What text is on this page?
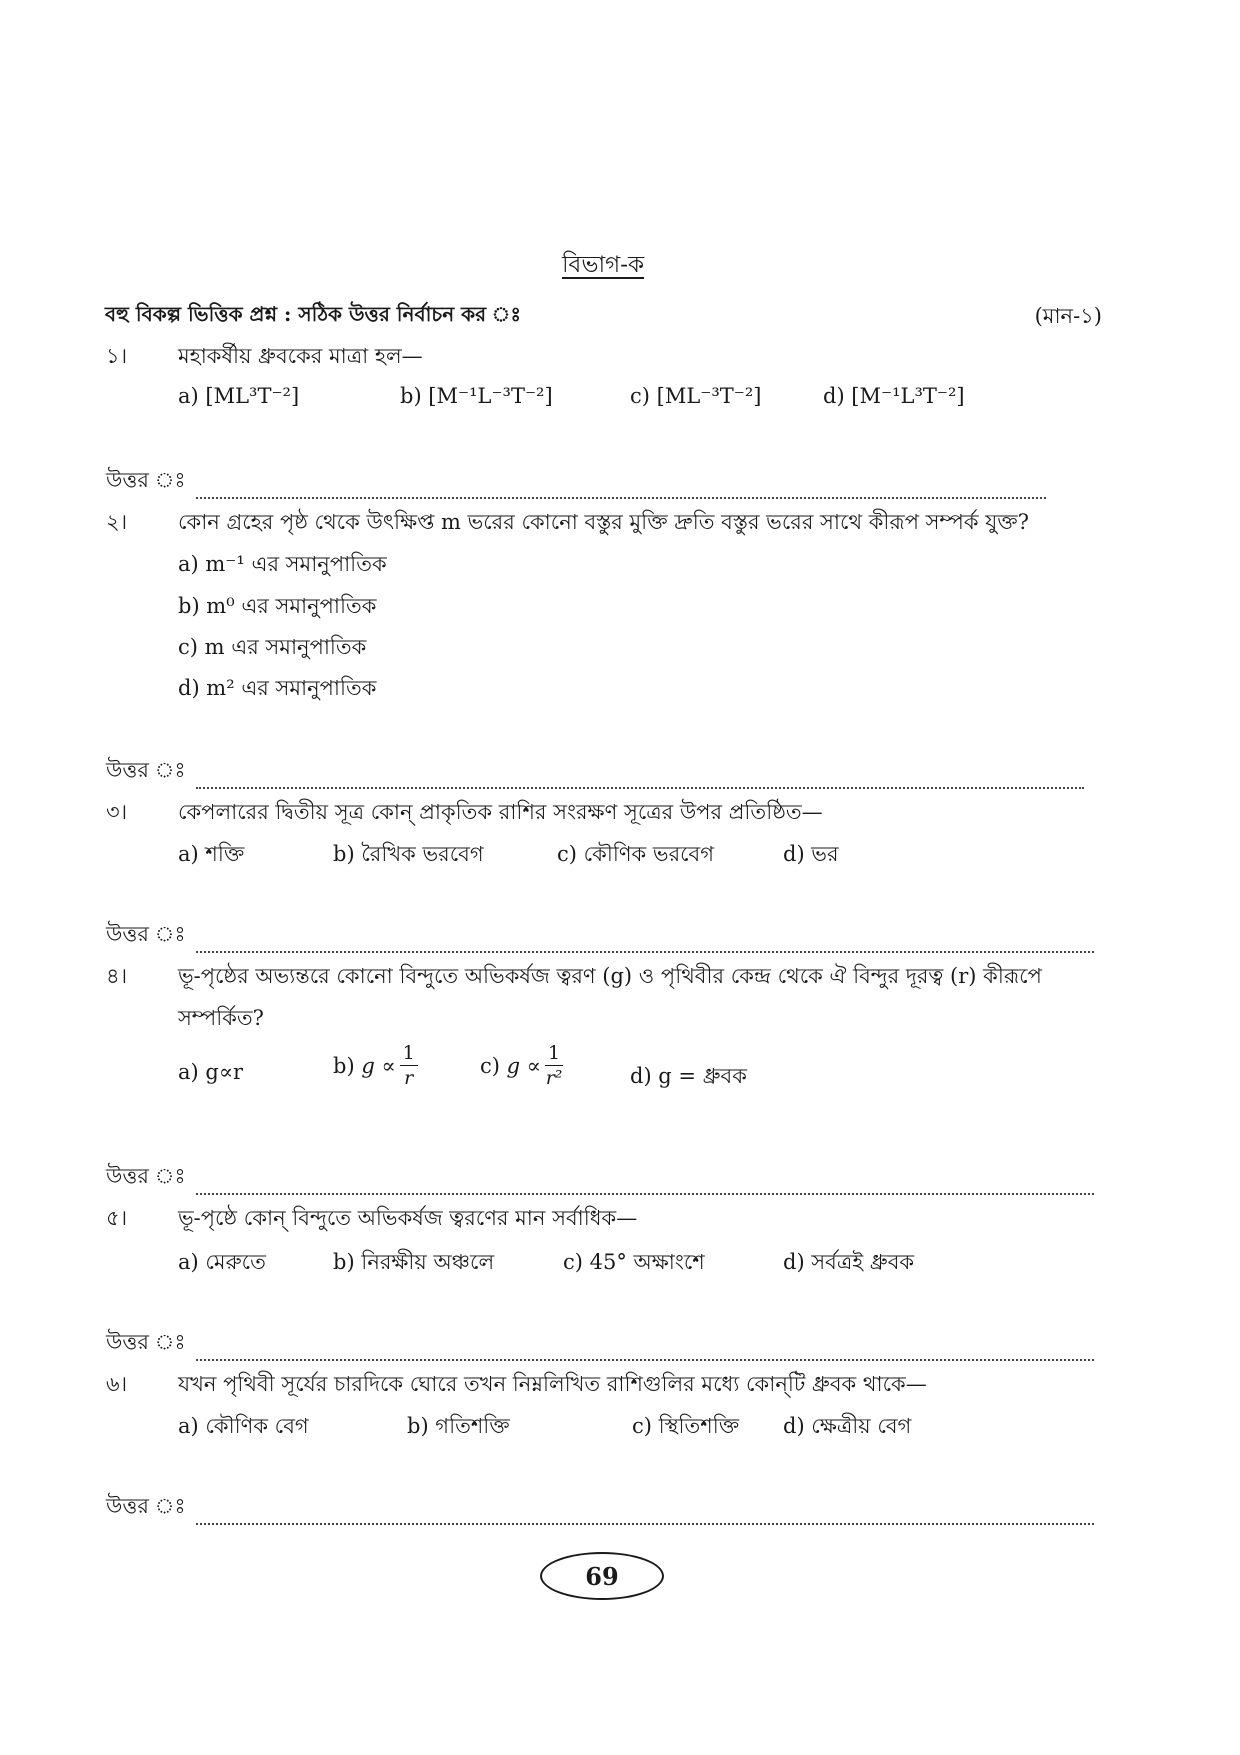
বিভাগ-ক
বহু বিকল্প ভিত্তিক প্রশ্ন : সঠিক উত্তর নির্বাচন কর ঃ	(মান-১)
১। মহাকর্ষীয় ধ্রুবকের মাত্রা হল—
a) [ML³T⁻²]	b) [M⁻¹L⁻³T⁻²]	c) [ML⁻³T⁻²]	d) [M⁻¹L³T⁻²]
উত্তর ঃ
২। কোন গ্রহের পৃষ্ঠ থেকে উৎক্ষিপ্ত m ভরের কোনো বস্তুর মুক্তি দ্রুতি বস্তুর ভরের সাথে কীরূপ সম্পর্ক যুক্ত?
a) m⁻¹ এর সমানুপাতিক
b) m⁰ এর সমানুপাতিক
c) m এর সমানুপাতিক
d) m² এর সমানুপাতিক
উত্তর ঃ
৩। কেপলারের দ্বিতীয় সূত্র কোন্ প্রাকৃতিক রাশির সংরক্ষণ সূত্রের উপর প্রতিষ্ঠিত—
a) শক্তি	b) রৈখিক ভরবেগ	c) কৌণিক ভরবেগ	d) ভর
উত্তর ঃ
৪। ভূ-পৃষ্ঠের অভ্যন্তরে কোনো বিন্দুতে অভিকর্ষজ ত্বরণ (g) ও পৃথিবীর কেন্দ্র থেকে ঐ বিন্দুর দূরত্ব (r) কীরূপে
সম্পর্কিত?
a) g∝r	b)
$g \propto \frac{1}{r}$	c)
$g \propto \frac{1}{\text{r²}}$	d) g = ধ্রুবক
উত্তর ঃ
৫। ভূ-পৃষ্ঠে কোন্ বিন্দুতে অভিকর্ষজ ত্বরণের মান সর্বাধিক—
a) মেরুতে	b) নিরক্ষীয় অঞ্চলে	c) 45° অক্ষাংশে	d) সর্বত্রই ধ্রুবক
উত্তর ঃ
৬। যখন পৃথিবী সূর্যের চারদিকে ঘোরে তখন নিম্নলিখিত রাশিগুলির মধ্যে কোন্‌টি ধ্রুবক থাকে—
a) কৌণিক বেগ	b) গতিশক্তি	c) স্থিতিশক্তি d) ক্ষেত্রীয় বেগ
উত্তর ঃ
69
